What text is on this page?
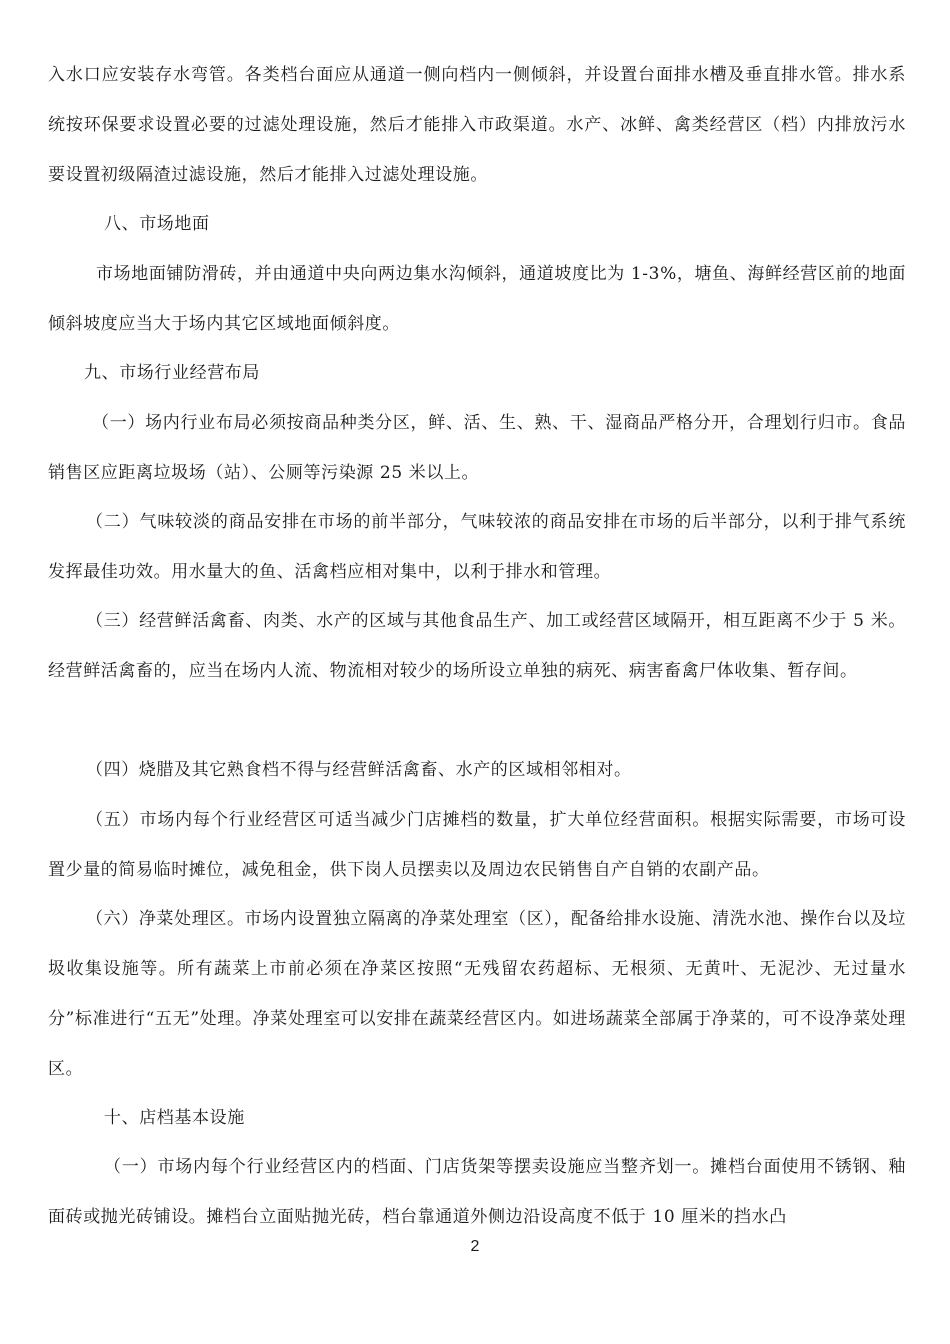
入水口应安装存水弯管。各类档台面应从通道一侧向档内一侧倾斜，并设置台面排水槽及垂直排水管。排水系统按环保要求设置必要的过滤处理设施，然后才能排入市政渠道。水产、冰鲜、禽类经营区（档）内排放污水要设置初级隔渣过滤设施，然后才能排入过滤处理设施。

八、市场地面

市场地面铺防滑砖，并由通道中央向两边集水沟倾斜，通道坡度比为 1-3%，塘鱼、海鲜经营区前的地面倾斜坡度应当大于场内其它区域地面倾斜度。

九、市场行业经营布局

（一）场内行业布局必须按商品种类分区，鲜、活、生、熟、干、湿商品严格分开，合理划行归市。食品销售区应距离垃圾场（站）、公厕等污染源 25 米以上。

（二）气味较淡的商品安排在市场的前半部分，气味较浓的商品安排在市场的后半部分，以利于排气系统发挥最佳功效。用水量大的鱼、活禽档应相对集中，以利于排水和管理。

（三）经营鲜活禽畜、肉类、水产的区域与其他食品生产、加工或经营区域隔开，相互距离不少于 5 米。经营鲜活禽畜的，应当在场内人流、物流相对较少的场所设立单独的病死、病害畜禽尸体收集、暂存间。

（四）烧腊及其它熟食档不得与经营鲜活禽畜、水产的区域相邻相对。

（五）市场内每个行业经营区可适当减少门店摊档的数量，扩大单位经营面积。根据实际需要，市场可设置少量的简易临时摊位，减免租金，供下岗人员摆卖以及周边农民销售自产自销的农副产品。

（六）净菜处理区。市场内设置独立隔离的净菜处理室（区），配备给排水设施、清洗水池、操作台以及垃圾收集设施等。所有蔬菜上市前必须在净菜区按照“无残留农药超标、无根须、无黄叶、无泥沙、无过量水分”标准进行“五无”处理。净菜处理室可以安排在蔬菜经营区内。如进场蔬菜全部属于净菜的，可不设净菜处理区。

十、店档基本设施

（一）市场内每个行业经营区内的档面、门店货架等摆卖设施应当整齐划一。摊档台面使用不锈钢、釉面砖或抛光砖铺设。摊档台立面贴抛光砖，档台靠通道外侧边沿设高度不低于 10 厘米的挡水凸

2
